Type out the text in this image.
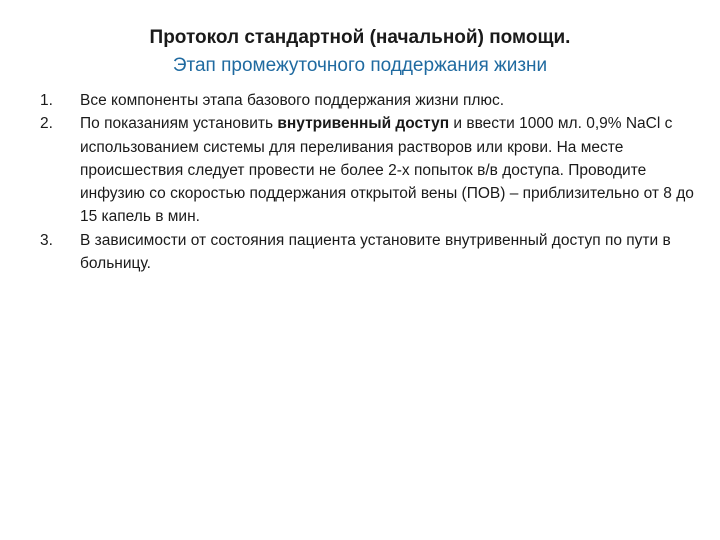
Протокол стандартной (начальной) помощи.
Этап промежуточного поддержания жизни
1.	Все компоненты этапа базового поддержания жизни плюс.
2.	По показаниям установить внутривенный доступ и ввести 1000 мл. 0,9% NaCl с использованием системы для переливания растворов или крови. На месте происшествия следует провести не более 2-х попыток в/в доступа. Проводите инфузию со скоростью поддержания открытой вены (ПОВ) – приблизительно от 8 до 15 капель в мин.
3.	В зависимости от состояния пациента установите внутривенный доступ по пути в больницу.
